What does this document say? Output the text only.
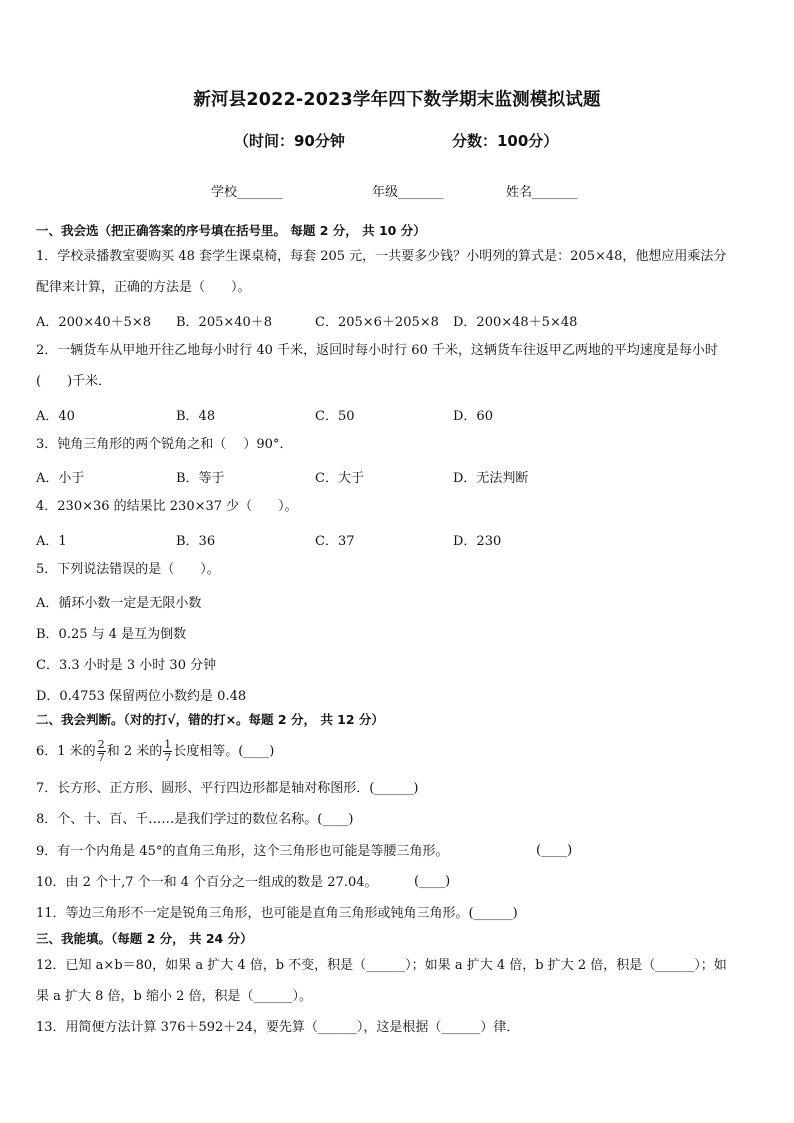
新河县2022-2023学年四下数学期末监测模拟试题
（时间：90分钟	分数：100分）
学校_______	年级_______	姓名_______
一、我会选（把正确答案的序号填在括号里。 每题 2 分， 共 10 分）
1．学校录播教室要购买 48 套学生课桌椅，每套 205 元，一共要多少钱？小明列的算式是：205×48，他想应用乘法分
配律来计算，正确的方法是（　　）。
A．200×40＋5×8 B．205×40＋8	C．205×6＋205×8 D．200×48＋5×48
2．一辆货车从甲地开往乙地每小时行 40 千米，返回时每小时行 60 千米，这辆货车往返甲乙两地的平均速度是每小时
(　　)千米．
A．40	B．48	C．50	D．60
3．钝角三角形的两个锐角之和（　 ）90°．
A．小于	B．等于	C．大于	D．无法判断
4．230×36 的结果比 230×37 少（　　）。
A．1	B．36	C．37	D．230
5．下列说法错误的是（　　）。
A．循环小数一定是无限小数
B．0.25 与 4 是互为倒数
C．3.3 小时是 3 小时 30 分钟
D．0.4753 保留两位小数约是 0.48
二、我会判断。（对的打√，错的打×。每题 2 分， 共 12 分）
6．1 米的 $\frac{2}{7}$ 和 2 米的 $\frac{1}{7}$ 长度相等。(____)
7．长方形、正方形、圆形、平行四边形都是轴对称图形．(______)
8．个、十、百、千……是我们学过的数位名称。(____)
9．有一个内角是 45°的直角三角形，这个三角形也可能是等腰三角形。	(____)
10．由 2 个十,7 个一和 4 个百分之一组成的数是 27.04。	(____)
11．等边三角形不一定是锐角三角形，也可能是直角三角形或钝角三角形。(______)
三、我能填。（每题 2 分， 共 24 分）
12．已知 a×b＝80，如果 a 扩大 4 倍，b 不变，积是（______）；如果 a 扩大 4 倍，b 扩大 2 倍，积是（______）；如
果 a 扩大 8 倍，b 缩小 2 倍，积是（______）。
13．用简便方法计算 376＋592＋24，要先算（______），这是根据（______）律．
